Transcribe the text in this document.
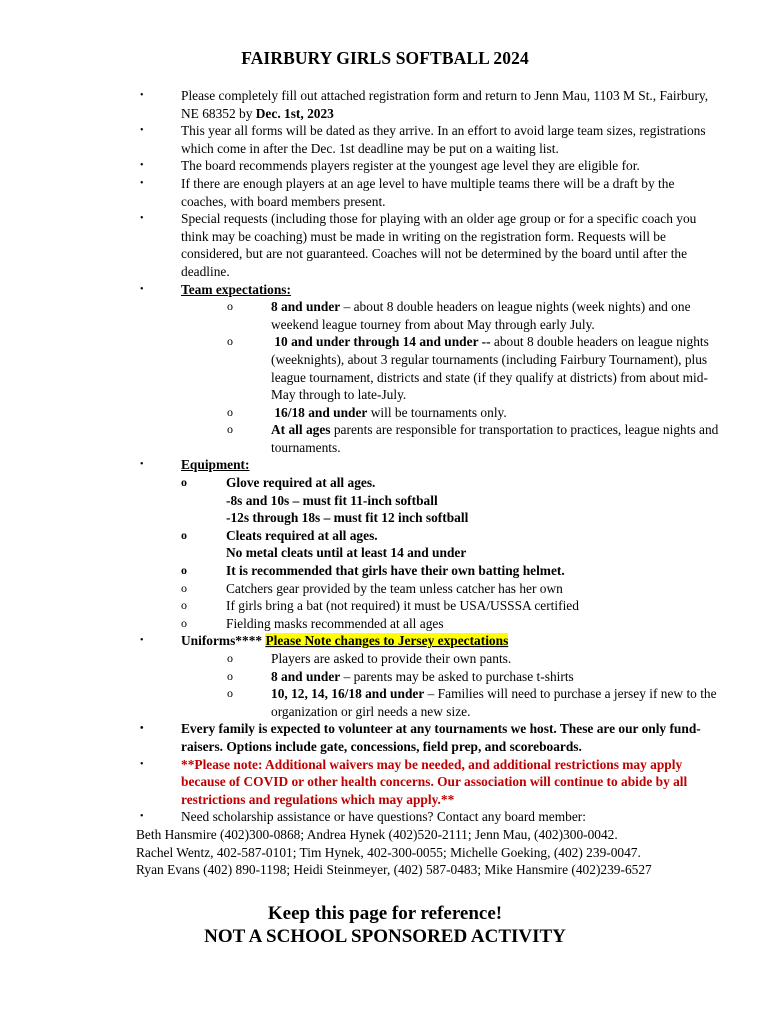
FAIRBURY GIRLS SOFTBALL 2024
•	Please completely fill out attached registration form and return to Jenn Mau, 1103 M St., Fairbury, NE 68352 by Dec. 1st, 2023
•	This year all forms will be dated as they arrive. In an effort to avoid large team sizes, registrations which come in after the Dec. 1st deadline may be put on a waiting list.
•	The board recommends players register at the youngest age level they are eligible for.
•	If there are enough players at an age level to have multiple teams there will be a draft by the coaches, with board members present.
•	Special requests (including those for playing with an older age group or for a specific coach you think may be coaching) must be made in writing on the registration form. Requests will be considered, but are not guaranteed. Coaches will not be determined by the board until after the deadline.
•	Team expectations:
o	8 and under – about 8 double headers on league nights (week nights) and one weekend league tourney from about May through early July.
o	10 and under through 14 and under -- about 8 double headers on league nights (weeknights), about 3 regular tournaments (including Fairbury Tournament), plus league tournament, districts and state (if they qualify at districts) from about mid-May through to late-July.
o	16/18 and under will be tournaments only.
o	At all ages parents are responsible for transportation to practices, league nights and tournaments.
•	Equipment:
o	Glove required at all ages.
-8s and 10s – must fit 11-inch softball
-12s through 18s – must fit 12 inch softball
o	Cleats required at all ages.
No metal cleats until at least 14 and under
o	It is recommended that girls have their own batting helmet.
o	Catchers gear provided by the team unless catcher has her own
o	If girls bring a bat (not required) it must be USA/USSSA certified
o	Fielding masks recommended at all ages
•	Uniforms**** Please Note changes to Jersey expectations
o	Players are asked to provide their own pants.
o	8 and under – parents may be asked to purchase t-shirts
o	10, 12, 14, 16/18 and under – Families will need to purchase a jersey if new to the organization or girl needs a new size.
•	Every family is expected to volunteer at any tournaments we host. These are our only fund-raisers. Options include gate, concessions, field prep, and scoreboards.
•	**Please note: Additional waivers may be needed, and additional restrictions may apply because of COVID or other health concerns. Our association will continue to abide by all restrictions and regulations which may apply.**
•	Need scholarship assistance or have questions? Contact any board member:
Beth Hansmire (402)300-0868; Andrea Hynek (402)520-2111; Jenn Mau, (402)300-0042.
Rachel Wentz, 402-587-0101; Tim Hynek, 402-300-0055; Michelle Goeking, (402) 239-0047.
Ryan Evans (402) 890-1198; Heidi Steinmeyer, (402) 587-0483; Mike Hansmire (402)239-6527
Keep this page for reference!
NOT A SCHOOL SPONSORED ACTIVITY
